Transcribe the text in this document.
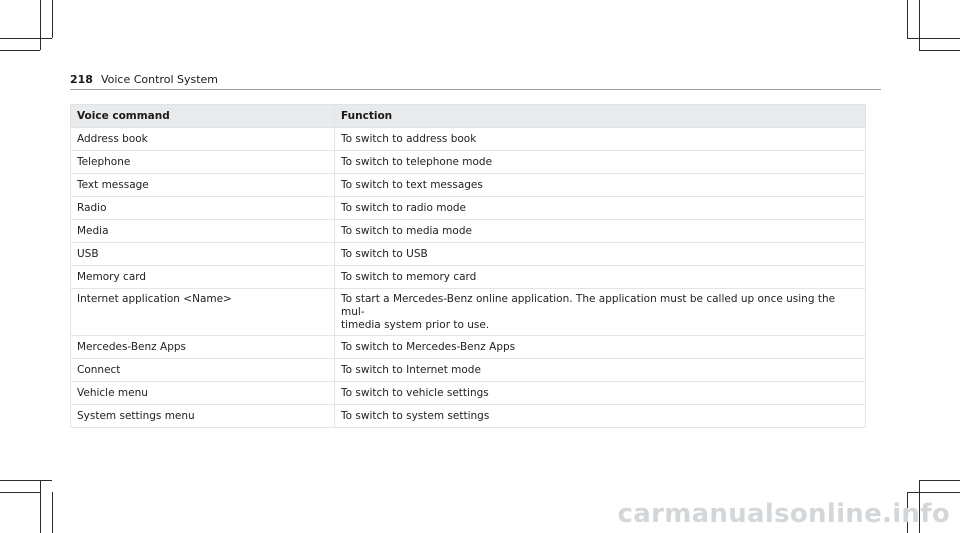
218 Voice Control System
Voice command	Function
Address book	To switch to address book
Telephone	To switch to telephone mode
Text message	To switch to text messages
Radio	To switch to radio mode
Media	To switch to media mode
USB	To switch to USB
Memory card	To switch to memory card
Internet application <Name>	To start a Mercedes-Benz online application. The application must be called up once using the mul-
timedia system prior to use.
Mercedes-Benz Apps	To switch to Mercedes-Benz Apps
Connect	To switch to Internet mode
Vehicle menu	To switch to vehicle settings
System settings menu	To switch to system settings
carmanualsonline.info
